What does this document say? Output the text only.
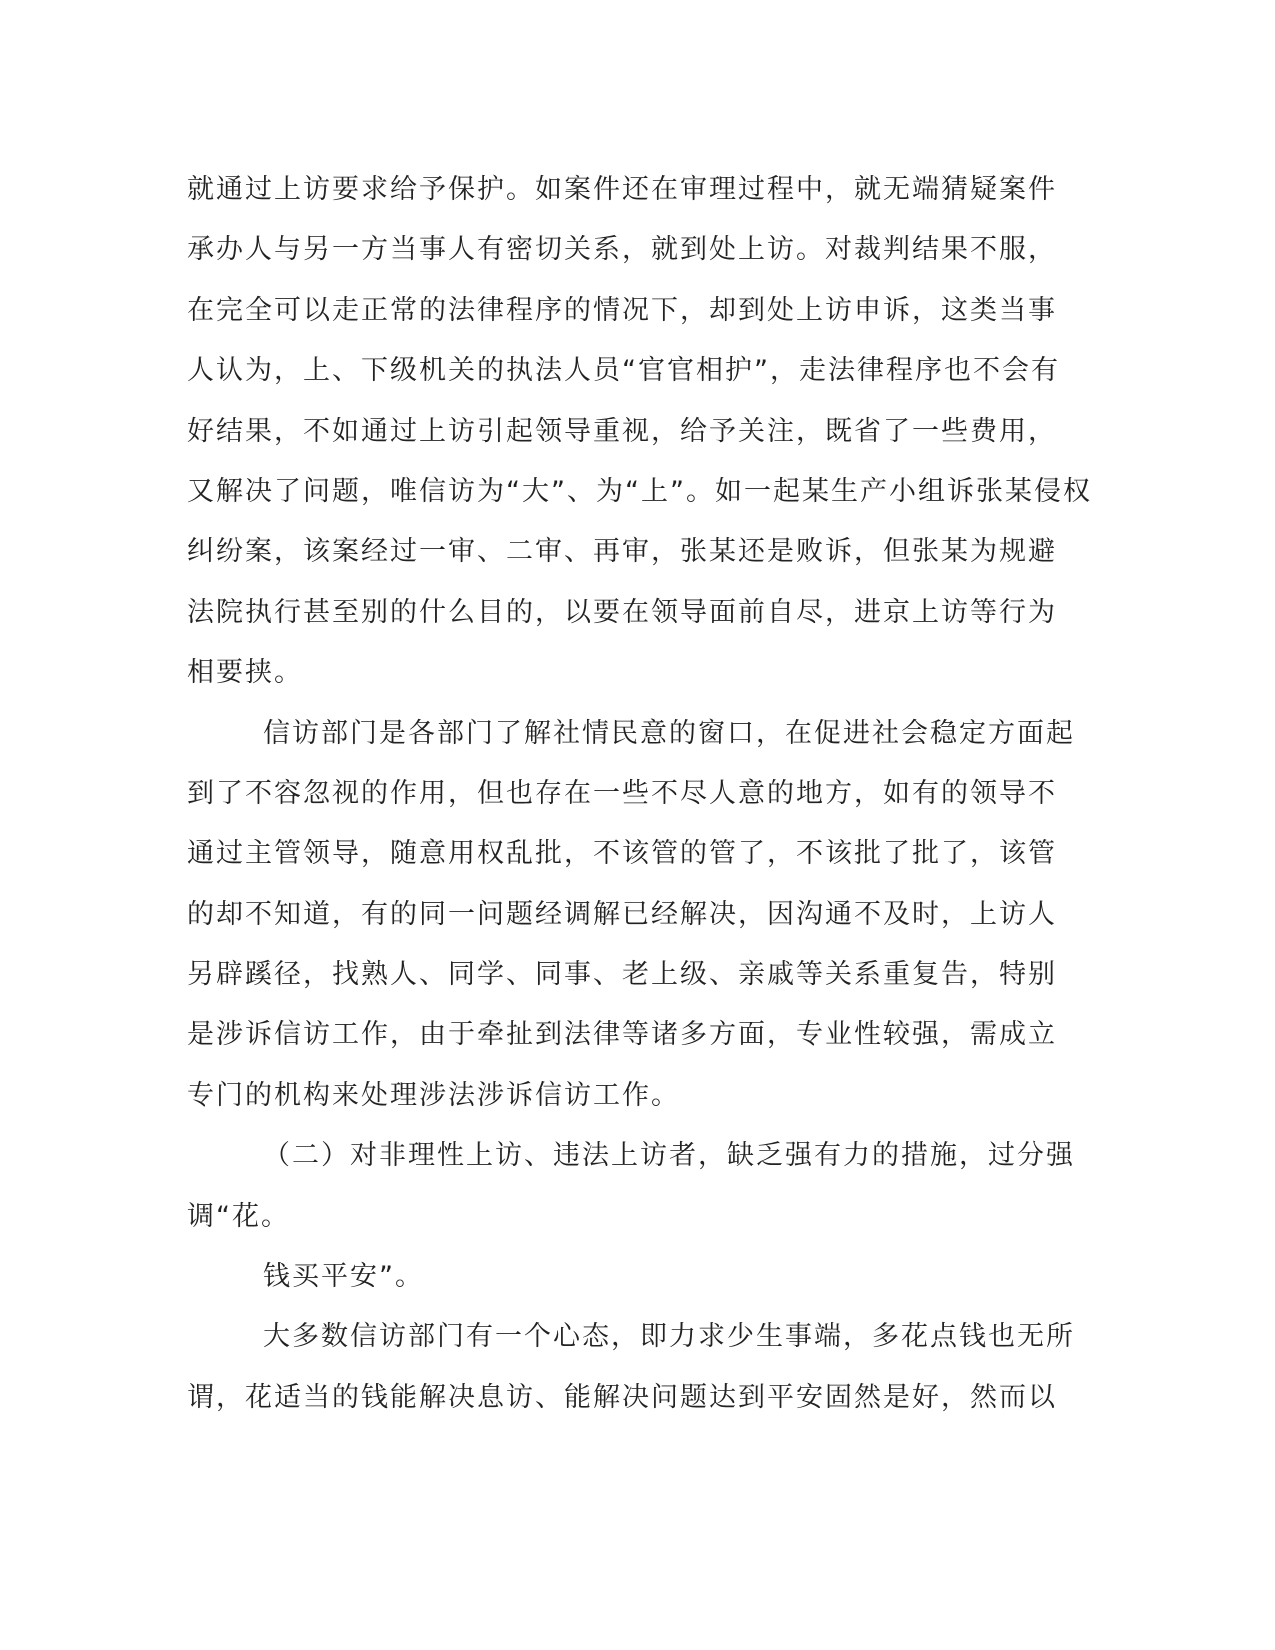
就通过上访要求给予保护。如案件还在审理过程中，就无端猜疑案件
承办人与另一方当事人有密切关系，就到处上访。对裁判结果不服，
在完全可以走正常的法律程序的情况下，却到处上访申诉，这类当事
人认为，上、下级机关的执法人员“官官相护”，走法律程序也不会有
好结果，不如通过上访引起领导重视，给予关注，既省了一些费用，
又解决了问题，唯信访为“大”、为“上”。如一起某生产小组诉张某侵权
纠纷案，该案经过一审、二审、再审，张某还是败诉，但张某为规避
法院执行甚至别的什么目的，以要在领导面前自尽，进京上访等行为
相要挟。
信访部门是各部门了解社情民意的窗口，在促进社会稳定方面起
到了不容忽视的作用，但也存在一些不尽人意的地方，如有的领导不
通过主管领导，随意用权乱批，不该管的管了，不该批了批了，该管
的却不知道，有的同一问题经调解已经解决，因沟通不及时，上访人
另辟蹊径，找熟人、同学、同事、老上级、亲戚等关系重复告，特别
是涉诉信访工作，由于牵扯到法律等诸多方面，专业性较强，需成立
专门的机构来处理涉法涉诉信访工作。
（二）对非理性上访、违法上访者，缺乏强有力的措施，过分强
调“花。
钱买平安”。
大多数信访部门有一个心态，即力求少生事端，多花点钱也无所
谓，花适当的钱能解决息访、能解决问题达到平安固然是好，然而以
